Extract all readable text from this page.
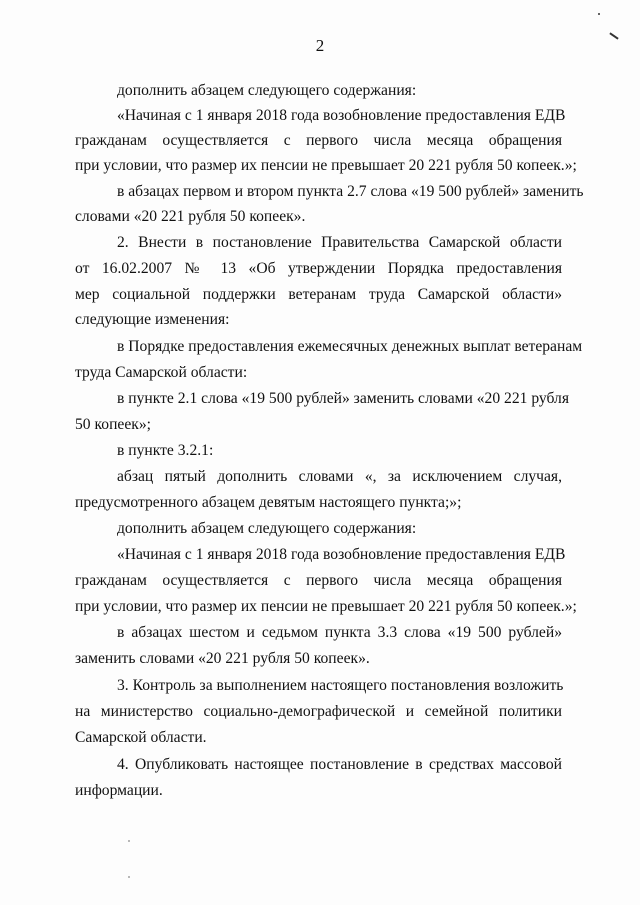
2
дополнить абзацем следующего содержания:
«Начиная с 1 января 2018 года возобновление предоставления ЕДВ
гражданам осуществляется с первого числа месяца обращения
при условии, что размер их пенсии не превышает 20 221 рубля 50 копеек.»;
в абзацах первом и втором пункта 2.7 слова «19 500 рублей» заменить
словами «20 221 рубля 50 копеек».
2. Внести в постановление Правительства Самарской области
от 16.02.2007 № 13 «Об утверждении Порядка предоставления
мер социальной поддержки ветеранам труда Самарской области»
следующие изменения:
в Порядке предоставления ежемесячных денежных выплат ветеранам
труда Самарской области:
в пункте 2.1 слова «19 500 рублей» заменить словами «20 221 рубля
50 копеек»;
в пункте 3.2.1:
абзац пятый дополнить словами «, за исключением случая,
предусмотренного абзацем девятым настоящего пункта;»;
дополнить абзацем следующего содержания:
«Начиная с 1 января 2018 года возобновление предоставления ЕДВ
гражданам осуществляется с первого числа месяца обращения
при условии, что размер их пенсии не превышает 20 221 рубля 50 копеек.»;
в абзацах шестом и седьмом пункта 3.3 слова «19 500 рублей»
заменить словами «20 221 рубля 50 копеек».
3. Контроль за выполнением настоящего постановления возложить
на министерство социально-демографической и семейной политики
Самарской области.
4. Опубликовать настоящее постановление в средствах массовой
информации.
